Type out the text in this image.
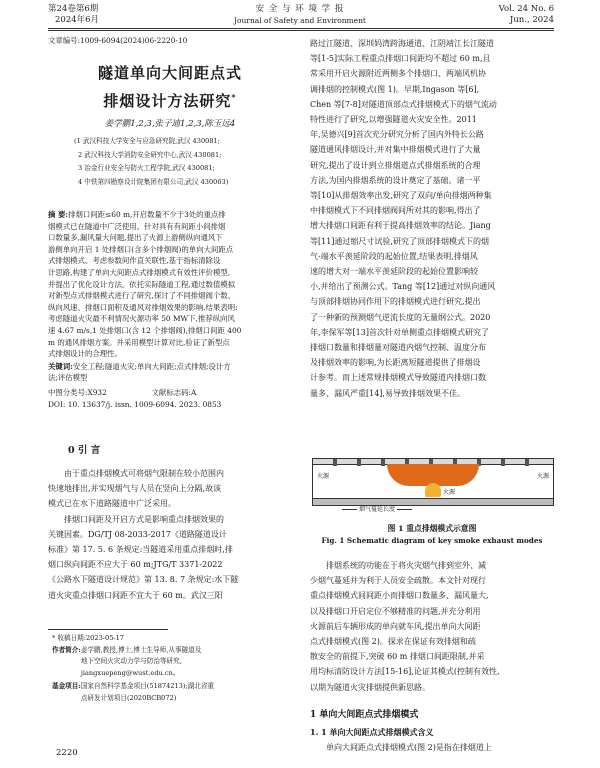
第24卷第6期
2024年6月
安 全 与 环 境 学 报
Journal of Safety and Environment
Vol. 24 No. 6
Jun., 2024
文章编号:1009-6094(2024)06-2220-10
隧道单向大间距点式
排烟设计方法研究*
姜学鹏1,2,3,张子迪1,2,3,陈玉远4
(1 武汉科技大学安全与应急研究院,武汉 430081;
2 武汉科技大学消防安全研究中心,武汉 430081;
3 冶金行业安全与防火工程学院,武汉 430081;
4 中铁第四勘察设计院集团有限公司,武汉 430063)
摘 要:排烟口间距≤60 m,开启数量不少于3处的重点排
烟模式已在隧道中广泛使用。针对具有有间距小间排烟
口数量多,漏风量大问题,提出了火源上游侧纵向通风下
游侧单向开启 1 处排烟口(含多个排烟阀)的单向大间距点
式排烟模式。考虑参数间作直关联性,基于指标清除设
计思路,构建了单向大间距点式排烟模式有效性评价模型,
并提出了优化设计方法。依托实际隧道工程,通过数值模拟
对新型点式排烟模式进行了研究,探讨了不同排烟阀个数、
纵向风速、排烟口面积及通风对排烟效果的影响,结果表明:
考虑隧道火灾最不利情况火源功率 50 MW下,推荐纵向风
速 4.67 m/s,1 处排烟口(含 12 个排烟阀),排烟口间距 400
m 的通风排烟方案。并采用模型计算对比,验证了新型点
式排烟设计的合理性。
关键词:安全工程;隧道火灾;单向大间距;点式排烟;设计方
法;评估模型
中图分类号:X932	文献标志码:A
DOI: 10. 13637/j. issn. 1009-6094. 2023. 0853
0 引 言
由于重点排烟模式可将烟气限制在较小范围内
快速地排出,并实现烟气与人员在竖向上分隔,故该
模式已在水下道路隧道中广泛采用。
排烟口间距及开启方式是影响重点排烟效果的
关键因素。DG/TJ 08-2033-2017《道路隧道设计
标准》第 17. 5. 6 条规定:当隧道采用重点排烟时,排
烟口纵向间距不应大于 60 m;JTG/T 3371-2022
《公路水下隧道设计规范》第 13. 8. 7 条规定:水下隧
道火灾重点排烟口间距不宜大于 60 m。武汉三阳
* 收稿日期:2023-05-17
作者简介: 姜学鹏,教授,博士,博士生导师,从事隧道及
地下空间火灾动力学与防治等研究,
jiangxuepeng@wust.edu.cn。
基金项目: 国家自然科学基金项目(51874213);湖北省重
点研发计划项目(2020BCB072)
2220
路过江隧道、深圳妈湾跨海通道、江阴靖江长江隧道
等[1-5]实际工程重点排烟口间距均不超过 60 m,且
常采用开启火源附近两侧多个排烟口、两端风机协
调排烟的控制模式(图 1)。早期,Ingason 等[6],
Chen 等[7-8]对隧道顶部点式排烟模式下的烟气流动
特性进行了研究,以增强隧道火灾安全性。2011
年,吴德兴[9]首次充分研究分析了国内外特长公路
隧道通风排烟设计,并对集中排烟模式进行了大量
研究,提出了设计到立排烟道点式排烟系统的合理
方法,为国内排烟系统的设计奠定了基础。诸一平
等[10]从排烟效率出发,研究了双向/单向排烟两种集
中排烟模式下不同排烟阀间所对其的影响,得出了
增大排烟口间距有利于提高排烟效率的结论。Jiang
等[11]通过缩尺寸试验,研究了顶部排烟模式下的烟
气-端水平羡延阶段的起始位置,结果表明,排烟风
速的增大对一端水平羡延阶段的起始位置影响较
小,并给出了预测公式。Tang 等[12]通过对纵向通风
与顶部排烟协同作用下的排烟模式进行研究,提出
了一种新的预测烟气逆流长度的无量纲公式。2020
年,李保军等[13]首次针对单侧重点排烟模式研究了
排烟口数量和排烟量对隧道内烟气控制、温度分布
及排烟效率的影响,为长距离短隧道提供了排烟设
计参考。而上述常规排烟模式导致隧道内排烟口数
量多、漏风严重[14],易导致排烟效果不佳。
火源	火源
火源
烟气蔓延长度
图 1 重点排烟模式示意图
Fig. 1 Schematic diagram of key smoke exhaust modes
排烟系统的功能在于将火灾烟气排到室外、减
少烟气蔓延并为利于人员安全疏散。本文针对现行
重点排烟模式间间距小而排烟口数量多、漏风量大,
以及排烟口开启定位不够精准的问题,并充分利用
火源前后车辆形成的单向就车风,提出单向大间距
点式排烟模式(图 2)。探求在保证有效排烟和疏
散安全的前提下,突破 60 m 排烟口间距限制,并采
用均标清防设计方法[15-16],论证其模式(控制有效性,
以期为隧道火灾排烟提供新思路。
1 单向大间距点式排烟模式
1. 1 单向大间距点式排烟模式含义
单向大间距点式排烟模式(图 2)是指在排烟道上
